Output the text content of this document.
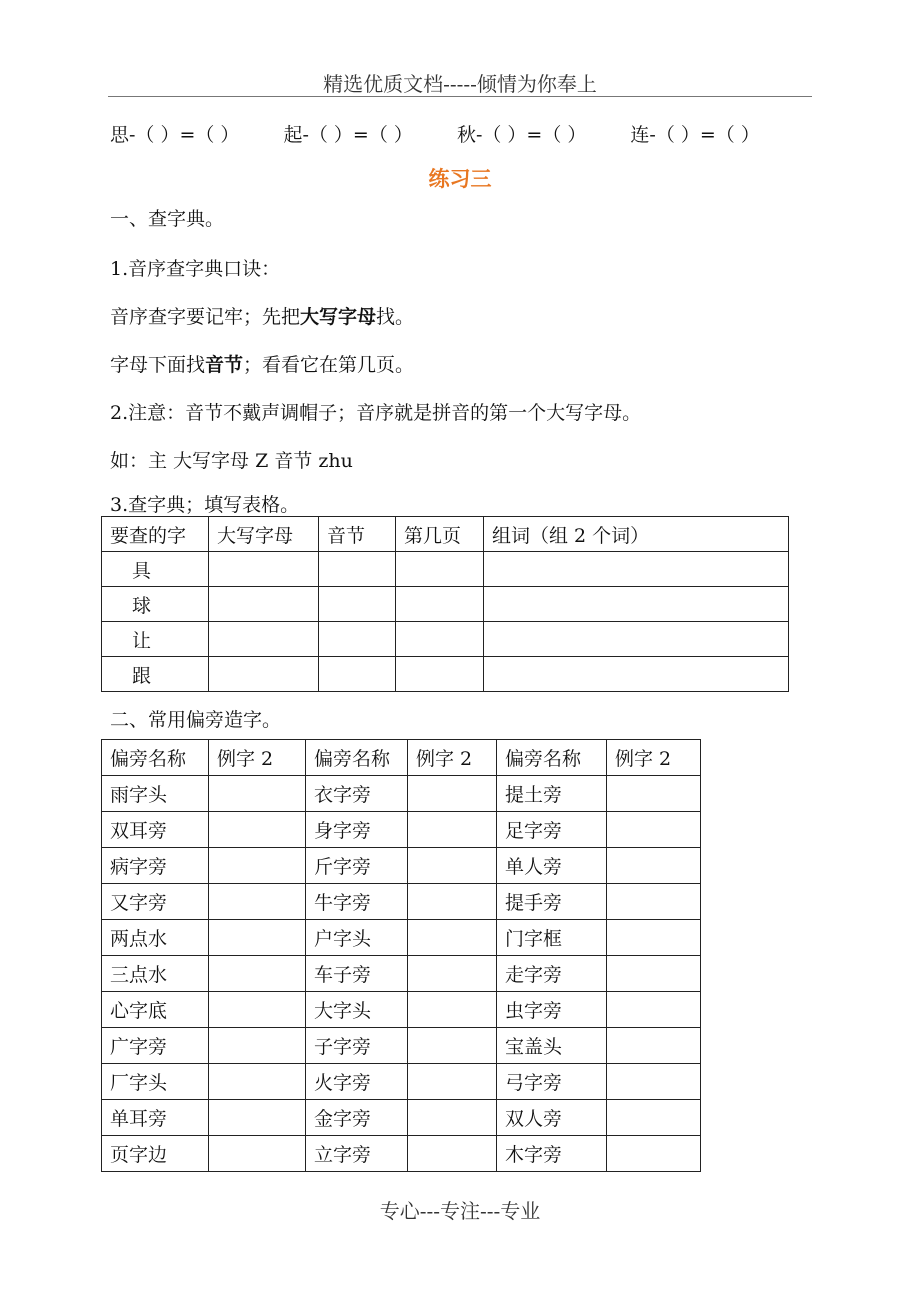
精选优质文档-----倾情为你奉上
思-（ ）=（ ） 起-（ ）=（ ） 秋-（ ）=（ ） 连-（ ）=（ ）
练习三
一、查字典。
1.音序查字典口诀：
音序查字要记牢；先把大写字母找。
字母下面找音节；看看它在第几页。
2.注意：音节不戴声调帽子；音序就是拼音的第一个大写字母。
如：主 大写字母 Z 音节 zhu
3.查字典；填写表格。
要查的字	大写字母	音节	第几页	组词（组 2 个词）
具				
球				
让				
跟				
二、常用偏旁造字。
偏旁名称	例字 2	偏旁名称	例字 2	偏旁名称	例字 2
雨字头		衣字旁		提土旁	
双耳旁		身字旁		足字旁	
病字旁		斤字旁		单人旁	
又字旁		牛字旁		提手旁	
两点水		户字头		门字框	
三点水		车子旁		走字旁	
心字底		大字头		虫字旁	
广字旁		子字旁		宝盖头	
厂字头		火字旁		弓字旁	
单耳旁		金字旁		双人旁	
页字边		立字旁		木字旁	
专心---专注---专业
